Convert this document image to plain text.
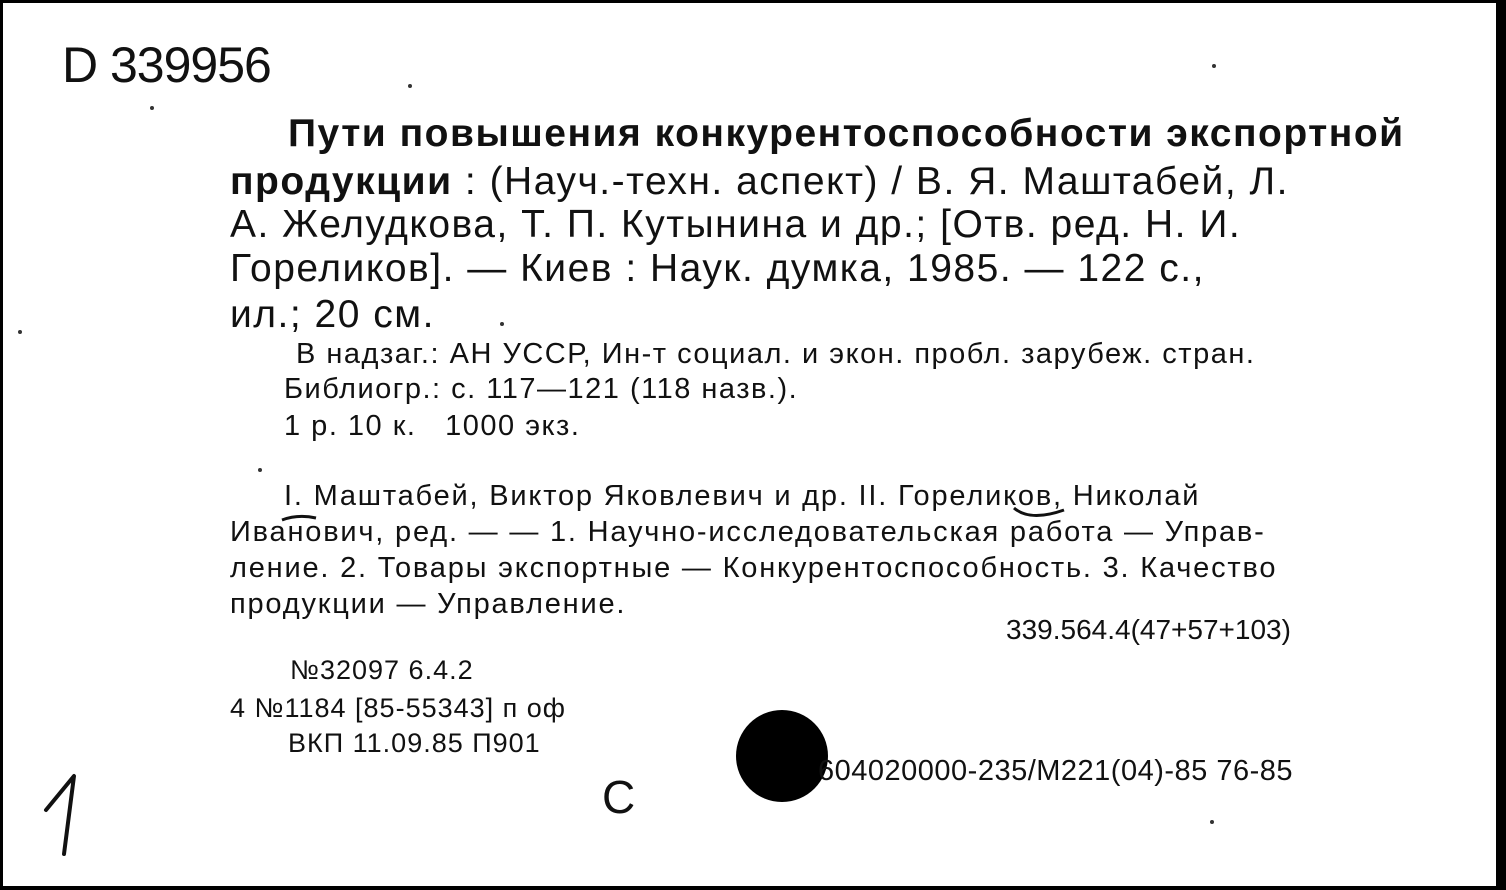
D 339956
Пути повышения конкурентоспособности экспортной
продукции : (Науч.-техн. аспект) / В. Я. Маштабей, Л.
А. Желудкова, Т. П. Кутынина и др.; [Отв. ред. Н. И.
Гореликов]. — Киев : Наук. думка, 1985. — 122 с.,
ил.; 20 см.
В надзаг.: АН УССР, Ин-т социал. и экон. пробл. зарубеж. стран.
Библиогр.: с. 117—121 (118 назв.).
1 р. 10 к.   1000 экз.
I. Маштабей, Виктор Яковлевич и др. II. Гореликов, Николай
Иванович, ред. — — 1. Научно-исследовательская работа — Управ-
ление. 2. Товары экспортные — Конкурентоспособность. 3. Качество
продукции — Управление.
339.564.4(47+57+103)
№32097 6.4.2
4 №1184 [85-55343] п оф
ВКП 11.09.85 П901
604020000-235/М221(04)-85 76-85
С
